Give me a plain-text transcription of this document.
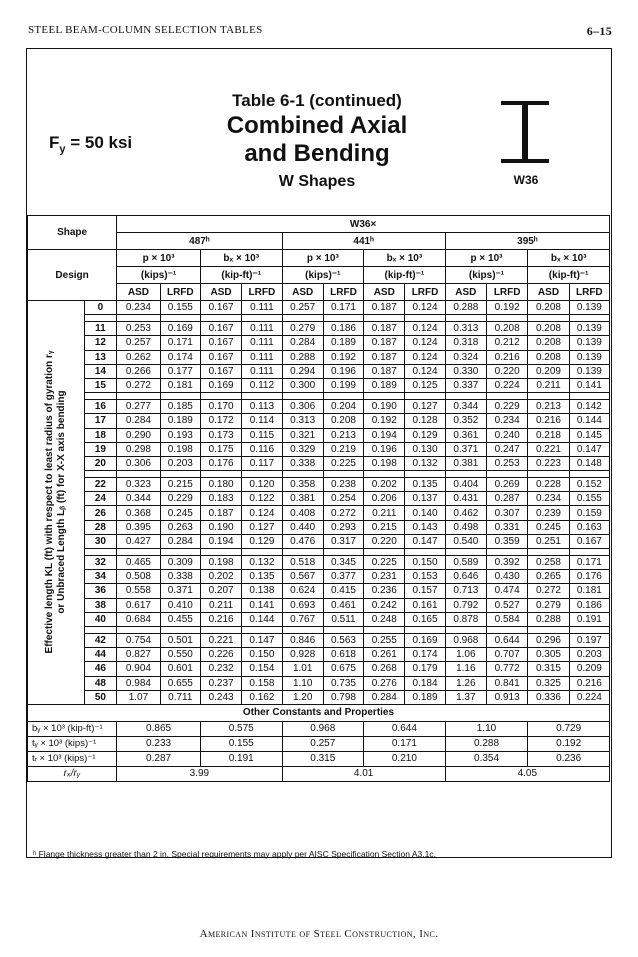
STEEL BEAM-COLUMN SELECTION TABLES	6–15
$F_y = 50$ ksi
Table 6-1 (continued)
Combined Axial
and Bending
W Shapes	W36
Shape		W36×											
		487ʰ				441ʰ				395ʰ			
Design		p × 10³		bₓ × 10³		p × 10³		bₓ × 10³		p × 10³		bₓ × 10³	
		(kips)⁻¹		(kip-ft)⁻¹		(kips)⁻¹		(kip-ft)⁻¹		(kips)⁻¹		(kip-ft)⁻¹	
		ASD	LRFD	ASD	LRFD	ASD	LRFD	ASD	LRFD	ASD	LRFD	ASD	LRFD

Effective length KL (ft) with respect to least radius of gyration rᵧ or Unbraced Length Lᵦ (ft) for X-X axis bending	0	0.234	0.155	0.167	0.111	0.257	0.171	0.187	0.124	0.288	0.192	0.208	0.139

	11	0.253	0.169	0.167	0.111	0.279	0.186	0.187	0.124	0.313	0.208	0.208	0.139
	12	0.257	0.171	0.167	0.111	0.284	0.189	0.187	0.124	0.318	0.212	0.208	0.139
	13	0.262	0.174	0.167	0.111	0.288	0.192	0.187	0.124	0.324	0.216	0.208	0.139
	14	0.266	0.177	0.167	0.111	0.294	0.196	0.187	0.124	0.330	0.220	0.209	0.139
	15	0.272	0.181	0.169	0.112	0.300	0.199	0.189	0.125	0.337	0.224	0.211	0.141

	16	0.277	0.185	0.170	0.113	0.306	0.204	0.190	0.127	0.344	0.229	0.213	0.142
	17	0.284	0.189	0.172	0.114	0.313	0.208	0.192	0.128	0.352	0.234	0.216	0.144
	18	0.290	0.193	0.173	0.115	0.321	0.213	0.194	0.129	0.361	0.240	0.218	0.145
	19	0.298	0.198	0.175	0.116	0.329	0.219	0.196	0.130	0.371	0.247	0.221	0.147
	20	0.306	0.203	0.176	0.117	0.338	0.225	0.198	0.132	0.381	0.253	0.223	0.148

	22	0.323	0.215	0.180	0.120	0.358	0.238	0.202	0.135	0.404	0.269	0.228	0.152
	24	0.344	0.229	0.183	0.122	0.381	0.254	0.206	0.137	0.431	0.287	0.234	0.155
	26	0.368	0.245	0.187	0.124	0.408	0.272	0.211	0.140	0.462	0.307	0.239	0.159
	28	0.395	0.263	0.190	0.127	0.440	0.293	0.215	0.143	0.498	0.331	0.245	0.163
	30	0.427	0.284	0.194	0.129	0.476	0.317	0.220	0.147	0.540	0.359	0.251	0.167

	32	0.465	0.309	0.198	0.132	0.518	0.345	0.225	0.150	0.589	0.392	0.258	0.171
	34	0.508	0.338	0.202	0.135	0.567	0.377	0.231	0.153	0.646	0.430	0.265	0.176
	36	0.558	0.371	0.207	0.138	0.624	0.415	0.236	0.157	0.713	0.474	0.272	0.181
	38	0.617	0.410	0.211	0.141	0.693	0.461	0.242	0.161	0.792	0.527	0.279	0.186
	40	0.684	0.455	0.216	0.144	0.767	0.511	0.248	0.165	0.878	0.584	0.288	0.191

	42	0.754	0.501	0.221	0.147	0.846	0.563	0.255	0.169	0.968	0.644	0.296	0.197
	44	0.827	0.550	0.226	0.150	0.928	0.618	0.261	0.174	1.06	0.707	0.305	0.203
	46	0.904	0.601	0.232	0.154	1.01	0.675	0.268	0.179	1.16	0.772	0.315	0.209
	48	0.984	0.655	0.237	0.158	1.10	0.735	0.276	0.184	1.26	0.841	0.325	0.216
	50	1.07	0.711	0.243	0.162	1.20	0.798	0.284	0.189	1.37	0.913	0.336	0.224
Other Constants and Properties													
bᵧ × 10³ (kip-ft)⁻¹		0.865		0.575		0.968		0.644		1.10		0.729	
tᵧ × 10³ (kips)⁻¹		0.233		0.155		0.257		0.171		0.288		0.192	
tᵣ × 10³ (kips)⁻¹		0.287		0.191		0.315		0.210		0.354		0.236	
rₓ/rᵧ		3.99				4.01				4.05			
ʰ Flange thickness greater than 2 in. Special requirements may apply per AISC Specification Section A3.1c.
American Institute of Steel Construction, Inc.
